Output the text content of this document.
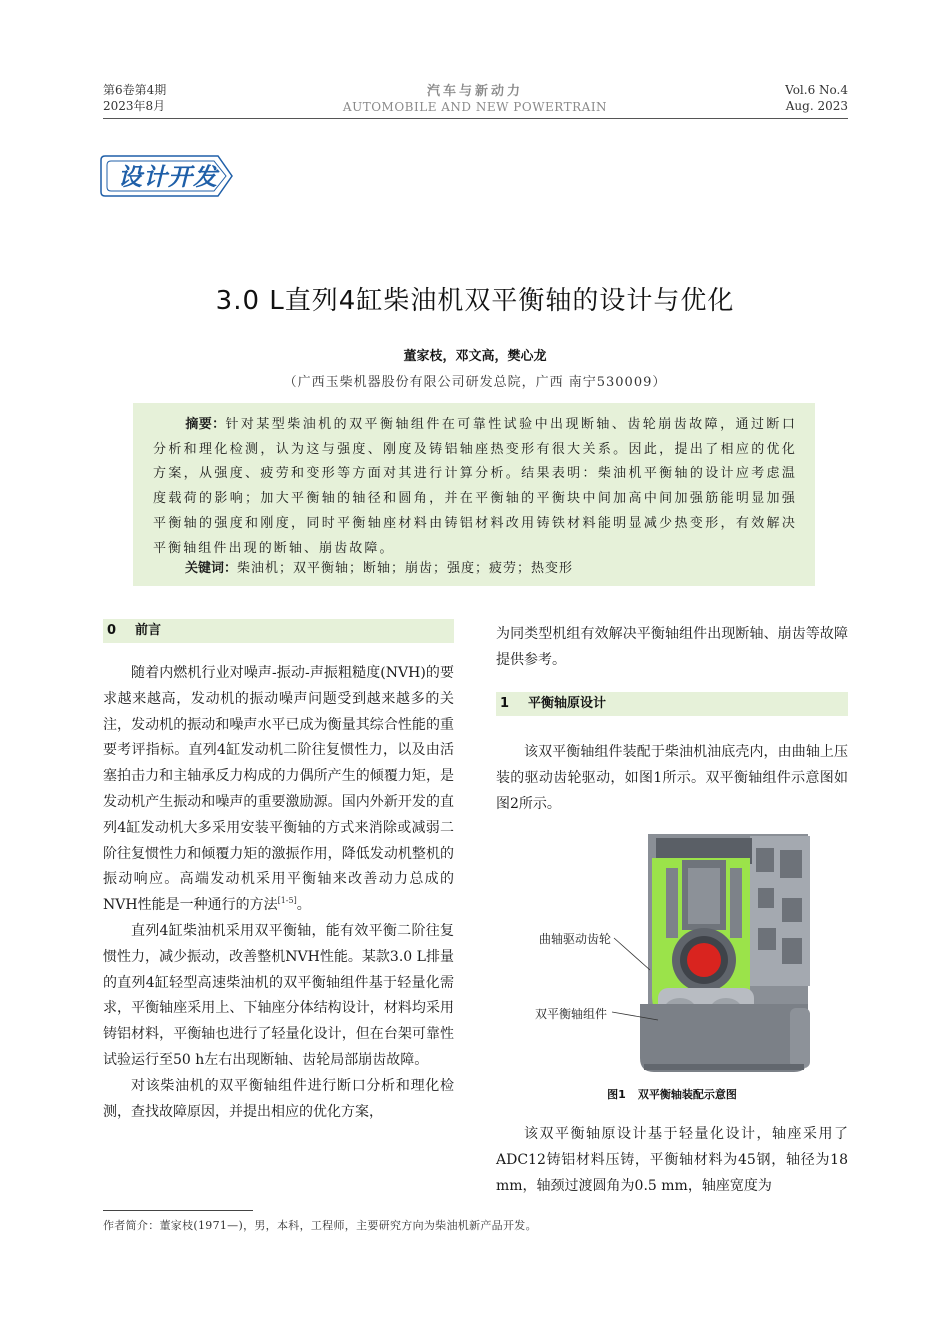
第6卷第4期
2023年8月
汽车与新动力
AUTOMOBILE AND NEW POWERTRAIN
Vol.6 No.4
Aug. 2023
设计开发
3.0 L直列4缸柴油机双平衡轴的设计与优化
董家枝，邓文高，樊心龙
（广西玉柴机器股份有限公司研发总院，广西 南宁530009）
摘要：针对某型柴油机的双平衡轴组件在可靠性试验中出现断轴、齿轮崩齿故障，通过断口分析和理化检测，认为这与强度、刚度及铸铝轴座热变形有很大关系。因此，提出了相应的优化方案，从强度、疲劳和变形等方面对其进行计算分析。结果表明：柴油机平衡轴的设计应考虑温度载荷的影响；加大平衡轴的轴径和圆角，并在平衡轴的平衡块中间加高中间加强筋能明显加强平衡轴的强度和刚度，同时平衡轴座材料由铸铝材料改用铸铁材料能明显减少热变形，有效解决平衡轴组件出现的断轴、崩齿故障。
关键词：柴油机；双平衡轴；断轴；崩齿；强度；疲劳；热变形
0 前言

随着内燃机行业对噪声-振动-声振粗糙度(NVH)的要求越来越高，发动机的振动噪声问题受到越来越多的关注，发动机的振动和噪声水平已成为衡量其综合性能的重要考评指标。直列4缸发动机二阶往复惯性力，以及由活塞拍击力和主轴承反力构成的力偶所产生的倾覆力矩，是发动机产生振动和噪声的重要激励源。国内外新开发的直列4缸发动机大多采用安装平衡轴的方式来消除或减弱二阶往复惯性力和倾覆力矩的激振作用，降低发动机整机的振动响应。高端发动机采用平衡轴来改善动力总成的NVH性能是一种通行的方法[1-5]。

直列4缸柴油机采用双平衡轴，能有效平衡二阶往复惯性力，减少振动，改善整机NVH性能。某款3.0 L排量的直列4缸轻型高速柴油机的双平衡轴组件基于轻量化需求，平衡轴座采用上、下轴座分体结构设计，材料均采用铸铝材料，平衡轴也进行了轻量化设计，但在台架可靠性试验运行至50 h左右出现断轴、齿轮局部崩齿故障。

对该柴油机的双平衡轴组件进行断口分析和理化检测，查找故障原因，并提出相应的优化方案，

为同类型机组有效解决平衡轴组件出现断轴、崩齿等故障提供参考。

1 平衡轴原设计

该双平衡轴组件装配于柴油机油底壳内，由曲轴上压装的驱动齿轮驱动，如图1所示。双平衡轴组件示意图如图2所示。

曲轴驱动齿轮
双平衡轴组件
图1 双平衡轴装配示意图

该双平衡轴原设计基于轻量化设计，轴座采用了ADC12铸铝材料压铸，平衡轴材料为45钢，轴径为18 mm，轴颈过渡圆角为0.5 mm，轴座宽度为

作者简介：董家枝(1971—)，男，本科，工程师，主要研究方向为柴油机新产品开发。
